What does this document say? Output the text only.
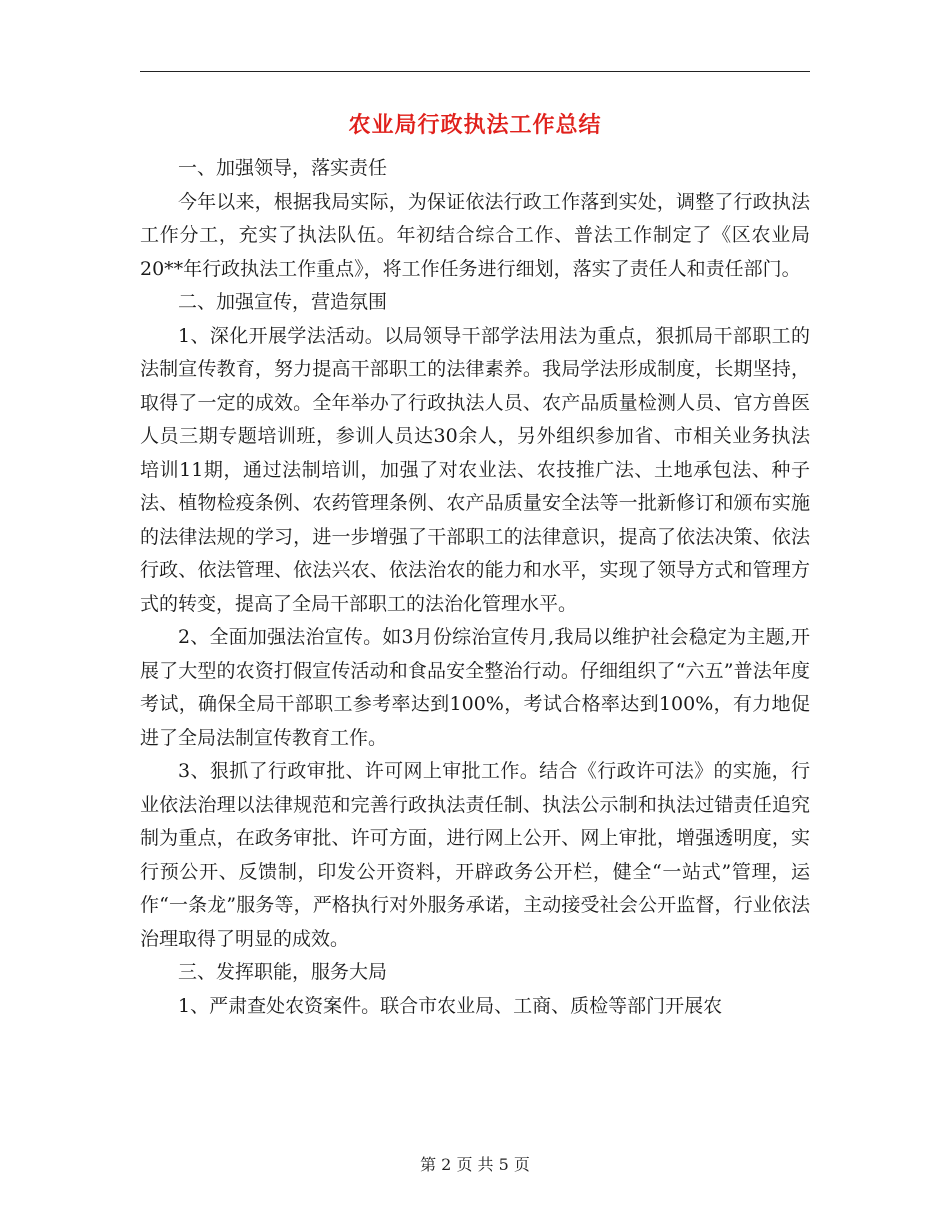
农业局行政执法工作总结

一、加强领导，落实责任

今年以来，根据我局实际，为保证依法行政工作落到实处，调整了行政执法工作分工，充实了执法队伍。年初结合综合工作、普法工作制定了《区农业局20**年行政执法工作重点》，将工作任务进行细划，落实了责任人和责任部门。

二、加强宣传，营造氛围

1、深化开展学法活动。以局领导干部学法用法为重点，狠抓局干部职工的法制宣传教育，努力提高干部职工的法律素养。我局学法形成制度，长期坚持，取得了一定的成效。全年举办了行政执法人员、农产品质量检测人员、官方兽医人员三期专题培训班，参训人员达30余人，另外组织参加省、市相关业务执法培训11期，通过法制培训，加强了对农业法、农技推广法、土地承包法、种子法、植物检疫条例、农药管理条例、农产品质量安全法等一批新修订和颁布实施的法律法规的学习，进一步增强了干部职工的法律意识，提高了依法决策、依法行政、依法管理、依法兴农、依法治农的能力和水平，实现了领导方式和管理方式的转变，提高了全局干部职工的法治化管理水平。

2、全面加强法治宣传。如3月份综治宣传月,我局以维护社会稳定为主题,开展了大型的农资打假宣传活动和食品安全整治行动。仔细组织了“六五”普法年度考试，确保全局干部职工参考率达到100%，考试合格率达到100%，有力地促进了全局法制宣传教育工作。

3、狠抓了行政审批、许可网上审批工作。结合《行政许可法》的实施，行业依法治理以法律规范和完善行政执法责任制、执法公示制和执法过错责任追究制为重点，在政务审批、许可方面，进行网上公开、网上审批，增强透明度，实行预公开、反馈制，印发公开资料，开辟政务公开栏，健全“一站式”管理，运作“一条龙”服务等，严格执行对外服务承诺，主动接受社会公开监督，行业依法治理取得了明显的成效。

三、发挥职能，服务大局

1、严肃查处农资案件。联合市农业局、工商、质检等部门开展农

第 2 页 共 5 页
